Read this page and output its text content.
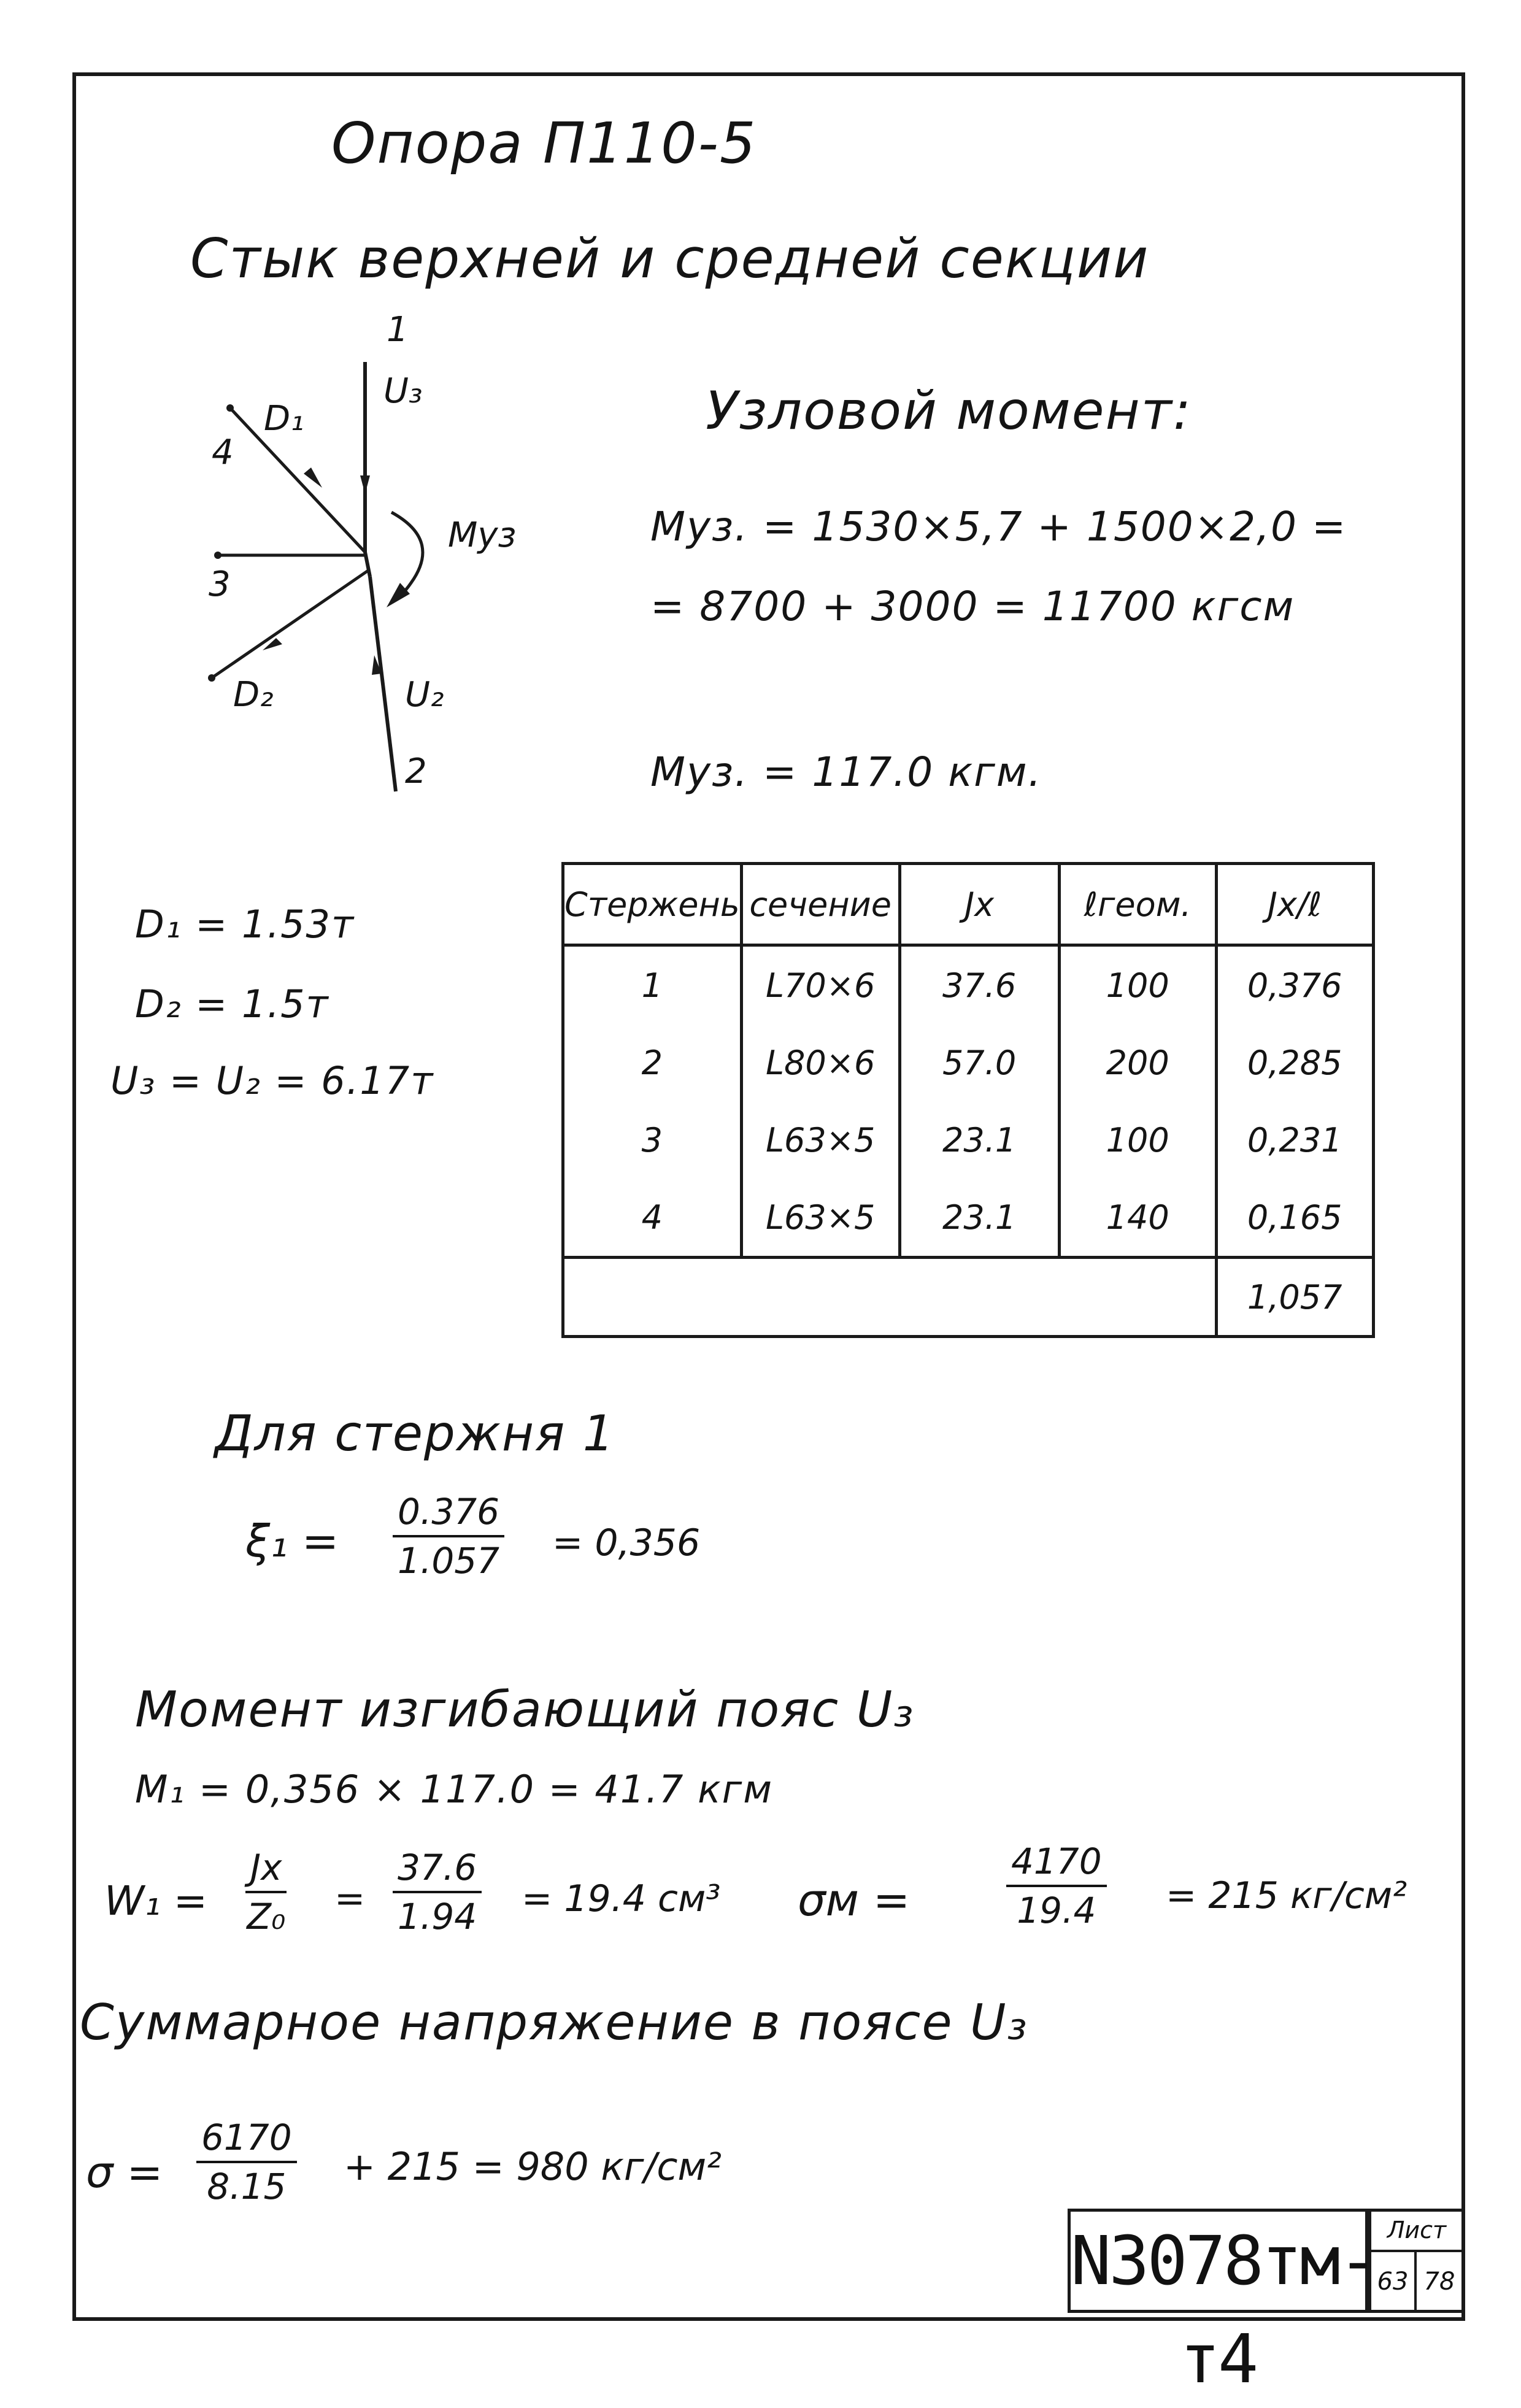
Опора П110-5
Стык верхней и средней секции
1
U₃
D₁
4
Mуз
3
D₂	U₂
2
Узловой момент:
Mуз. = 1530×5,7 + 1500×2,0 =
= 8700 + 3000 = 11700 кгсм
Mуз. = 117.0 кгм.
D₁ = 1.53т
D₂ = 1.5т
U₃ = U₂ = 6.17т
Стержень	сечение	Jx	ℓгеом.	Jx/ℓ
1	L70×6	37.6	100	0,376
2	L80×6	57.0	200	0,285
3	L63×5	23.1	100	0,231
4	L63×5	23.1	140	0,165
				1,057
Для стержня 1
$\xi_1 = \frac{0.376}{1.057} = 0,356$
Момент изгибающий пояс U₃
M₁ = 0,356 × 117.0 = 41.7 кгм
$W_1 = \frac{Jx}{\text{Z₀}} = \frac{37.6}{1.94} = 19.4$ см³ σм =	$\frac{4170}{19.4} = 215$ кг/см²
Суммарное напряжение в поясе U₃
$\sigma = \frac{6170}{8.15} + 215 = 980$ кг/см²
N3078тм-т4
Лист
63 78
